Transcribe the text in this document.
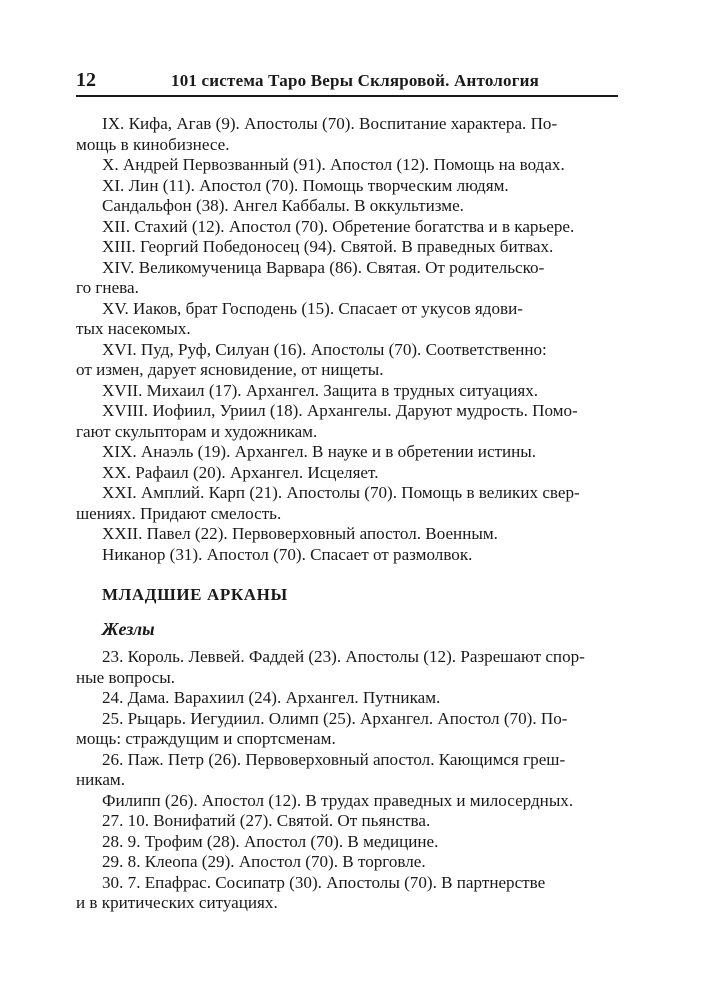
12	101 система Таро Веры Скляровой. Антология

IX. Кифа, Агав (9). Апостолы (70). Воспитание характера. По-
мощь в кинобизнесе.

X. Андрей Первозванный (91). Апостол (12). Помощь на водах.

XI. Лин (11). Апостол (70). Помощь творческим людям.

Сандальфон (38). Ангел Каббалы. В оккультизме.

XII. Стахий (12). Апостол (70). Обретение богатства и в карьере.

XIII. Георгий Победоносец (94). Святой. В праведных битвах.

XIV. Великомученица Варвара (86). Святая. От родительско-
го гнева.

XV. Иаков, брат Господень (15). Спасает от укусов ядови-
тых насекомых.

XVI. Пуд, Руф, Силуан (16). Апостолы (70). Соответственно:
от измен, дарует ясновидение, от нищеты.

XVII. Михаил (17). Архангел. Защита в трудных ситуациях.

XVIII. Иофиил, Уриил (18). Архангелы. Даруют мудрость. Помо-
гают скульпторам и художникам.

XIX. Анаэль (19). Архангел. В науке и в обретении истины.

XX. Рафаил (20). Архангел. Исцеляет.

XXI. Амплий. Карп (21). Апостолы (70). Помощь в великих свер-
шениях. Придают смелость.

XXII. Павел (22). Первоверховный апостол. Военным.

Никанор (31). Апостол (70). Спасает от размолвок.

МЛАДШИЕ АРКАНЫ
Жезлы

23. Король. Леввей. Фаддей (23). Апостолы (12). Разрешают спор-
ные вопросы.

24. Дама. Варахиил (24). Архангел. Путникам.

25. Рыцарь. Иегудиил. Олимп (25). Архангел. Апостол (70). По-
мощь: страждущим и спортсменам.

26. Паж. Петр (26). Первоверховный апостол. Кающимся греш-
никам.

Филипп (26). Апостол (12). В трудах праведных и милосердных.

27. 10. Вонифатий (27). Святой. От пьянства.

28. 9. Трофим (28). Апостол (70). В медицине.

29. 8. Клеопа (29). Апостол (70). В торговле.

30. 7. Епафрас. Сосипатр (30). Апостолы (70). В партнерстве
и в критических ситуациях.
